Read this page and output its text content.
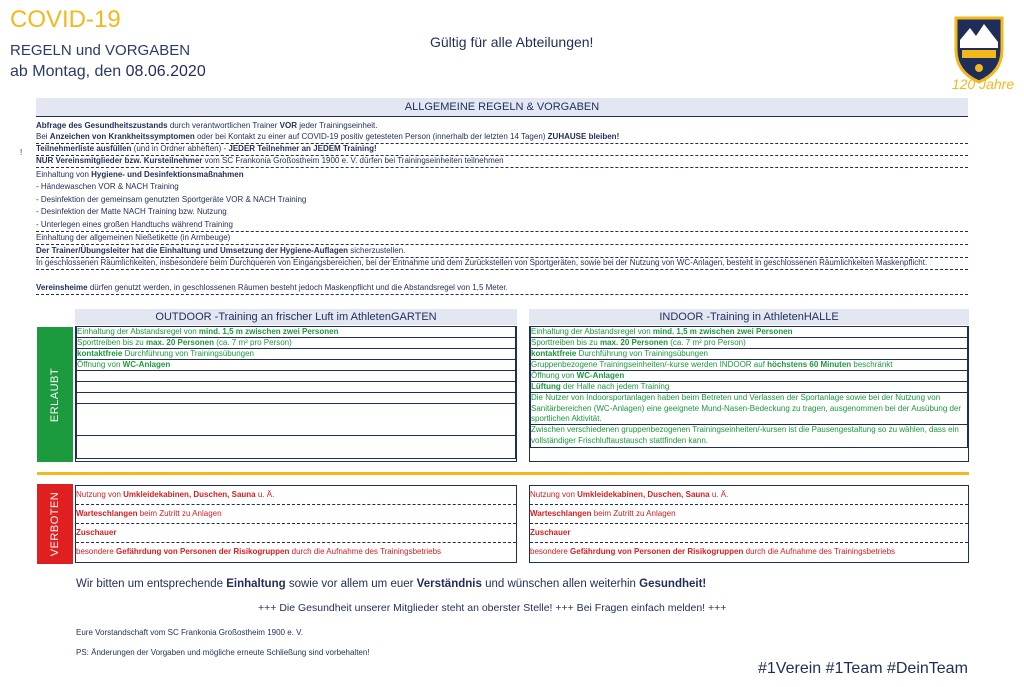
COVID-19
REGELN und VORGABEN
ab Montag, den 08.06.2020
Gültig für alle Abteilungen!
120 Jahre
ALLGEMEINE REGELN & VORGABEN
!
Abfrage des Gesundheitszustands durch verantwortlichen Trainer VOR jeder Trainingseinheit.
Bei Anzeichen von Krankheitssymptomen oder bei Kontakt zu einer auf COVID-19 positiv getesteten Person (innerhalb der letzten 14 Tagen) ZUHAUSE bleiben!
Teilnehmerliste ausfüllen (und in Ordner abheften) - JEDER Teilnehmer an JEDEM Training!
NUR Vereinsmitglieder bzw. Kursteilnehmer vom SC Frankonia Großostheim 1900 e. V. dürfen bei Trainingseinheiten teilnehmen
Einhaltung von Hygiene- und Desinfektionsmaßnahmen
- Händewaschen VOR & NACH Training
- Desinfektion der gemeinsam genutzten Sportgeräte VOR & NACH Training
- Desinfektion der Matte NACH Training bzw. Nutzung
- Unterlegen eines großen Handtuchs während Training
Einhaltung der allgemeinen Nießetikette (in Armbeuge)
Der Trainer/Übungsleiter hat die Einhaltung und Umsetzung der Hygiene-Auflagen sicherzustellen.
In geschlossenen Räumlichkeiten, insbesondere beim Durchqueren von Eingangsbereichen, bei der Entnahme und dem Zurückstellen von Sportgeräten, sowie bei der Nutzung von WC-Anlagen, besteht in geschlossenen Räumlichkeiten Maskenpflicht.
Vereinsheime dürfen genutzt werden, in geschlossenen Räumen besteht jedoch Maskenpflicht und die Abstandsregel von 1,5 Meter.
ERLAUBT
VERBOTEN
OUTDOOR -Training an frischer Luft im AthletenGARTEN
Einhaltung der Abstandsregel von mind. 1,5 m zwischen zwei Personen
Sporttreiben bis zu max. 20 Personen (ca. 7 m² pro Person)
kontaktfreie Durchführung von Trainingsübungen
Öffnung von WC-Anlagen
INDOOR -Training in AthletenHALLE
Einhaltung der Abstandsregel von mind. 1,5 m zwischen zwei Personen
Sporttreiben bis zu max. 20 Personen (ca. 7 m² pro Person)
kontaktfreie Durchführung von Trainingsübungen
Gruppenbezogene Trainingseinheiten/-kurse werden INDOOR auf höchstens 60 Minuten beschränkt
Öffnung von WC-Anlagen
Lüftung der Halle nach jedem Training
Die Nutzer von Indoorsportanlagen haben beim Betreten und Verlassen der Sportanlage sowie bei der Nutzung von Sanitärbereichen (WC-Anlagen) eine geeignete Mund-Nasen-Bedeckung zu tragen, ausgenommen bei der Ausübung der sportlichen Aktivität.
Zwischen verschiedenen gruppenbezogenen Trainingseinheiten/-kursen ist die Pausengestaltung so zu wählen, dass ein vollständiger Frischluftaustausch stattfinden kann.
Nutzung von Umkleidekabinen, Duschen, Sauna u. Ä.
Warteschlangen beim Zutritt zu Anlagen
Zuschauer
besondere Gefährdung von Personen der Risikogruppen durch die Aufnahme des Trainingsbetriebs
Nutzung von Umkleidekabinen, Duschen, Sauna u. Ä.
Warteschlangen beim Zutritt zu Anlagen
Zuschauer
besondere Gefährdung von Personen der Risikogruppen durch die Aufnahme des Trainingsbetriebs
Wir bitten um entsprechende Einhaltung sowie vor allem um euer Verständnis und wünschen allen weiterhin Gesundheit!
+++ Die Gesundheit unserer Mitglieder steht an oberster Stelle! +++ Bei Fragen einfach melden! +++
Eure Vorstandschaft vom SC Frankonia Großostheim 1900 e. V.
PS: Änderungen der Vorgaben und mögliche erneute Schließung sind vorbehalten!
#1Verein #1Team #DeinTeam
